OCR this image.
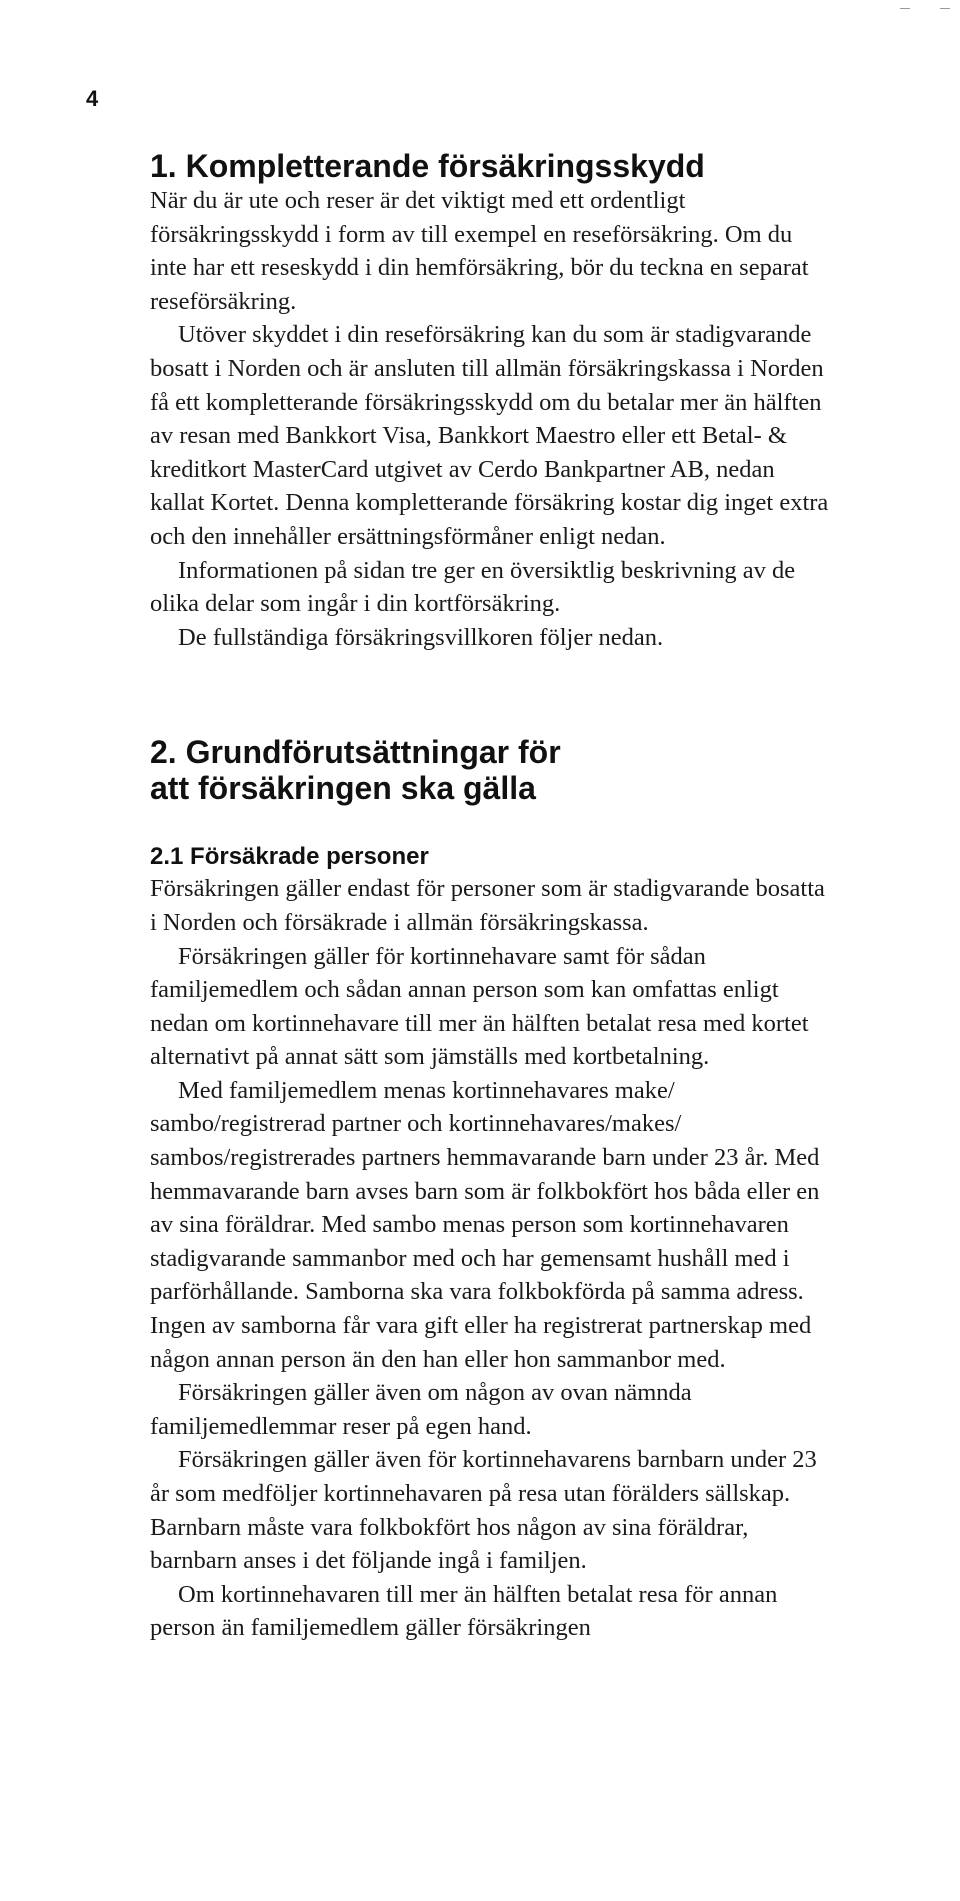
4
1. Kompletterande försäkringsskydd

När du är ute och reser är det viktigt med ett ordentligt försäkringsskydd i form av till exempel en reseförsäkring. Om du inte har ett reseskydd i din hemförsäkring, bör du teckna en separat reseförsäkring.

Utöver skyddet i din reseförsäkring kan du som är stadigvarande bosatt i Norden och är ansluten till allmän försäkringskassa i Norden få ett kompletterande försäkringsskydd om du betalar mer än hälften av resan med Bankkort Visa, Bankkort Maestro eller ett Betal- & kreditkort MasterCard utgivet av Cerdo Bankpartner AB, nedan kallat Kortet. Denna kompletterande försäkring kostar dig inget extra och den innehåller ersättningsförmåner enligt nedan.

Informationen på sidan tre ger en översiktlig beskrivning av de olika delar som ingår i din kortförsäkring.

De fullständiga försäkringsvillkoren följer nedan.

2. Grundförutsättningar för
att försäkringen ska gälla
2.1 Försäkrade personer

Försäkringen gäller endast för personer som är stadigvarande bosatta i Norden och försäkrade i allmän försäkringskassa.

Försäkringen gäller för kortinnehavare samt för sådan familjemedlem och sådan annan person som kan omfattas enligt nedan om kortinnehavare till mer än hälften betalat resa med kortet alternativt på annat sätt som jämställs med kortbetalning.

Med familjemedlem menas kortinnehavares make/ sambo/registrerad partner och kortinnehavares/makes/ sambos/registrerades partners hemmavarande barn under 23 år. Med hemmavarande barn avses barn som är folkbokfört hos båda eller en av sina föräldrar. Med sambo menas person som kortinnehavaren stadigvarande sammanbor med och har gemensamt hushåll med i parförhållande. Samborna ska vara folkbokförda på samma adress. Ingen av samborna får vara gift eller ha registrerat partnerskap med någon annan person än den han eller hon sammanbor med.

Försäkringen gäller även om någon av ovan nämnda familjemedlemmar reser på egen hand.

Försäkringen gäller även för kortinnehavarens barnbarn under 23 år som medföljer kortinnehavaren på resa utan förälders sällskap. Barnbarn måste vara folkbokfört hos någon av sina föräldrar, barnbarn anses i det följande ingå i familjen.

Om kortinnehavaren till mer än hälften betalat resa för annan person än familjemedlem gäller försäkringen
